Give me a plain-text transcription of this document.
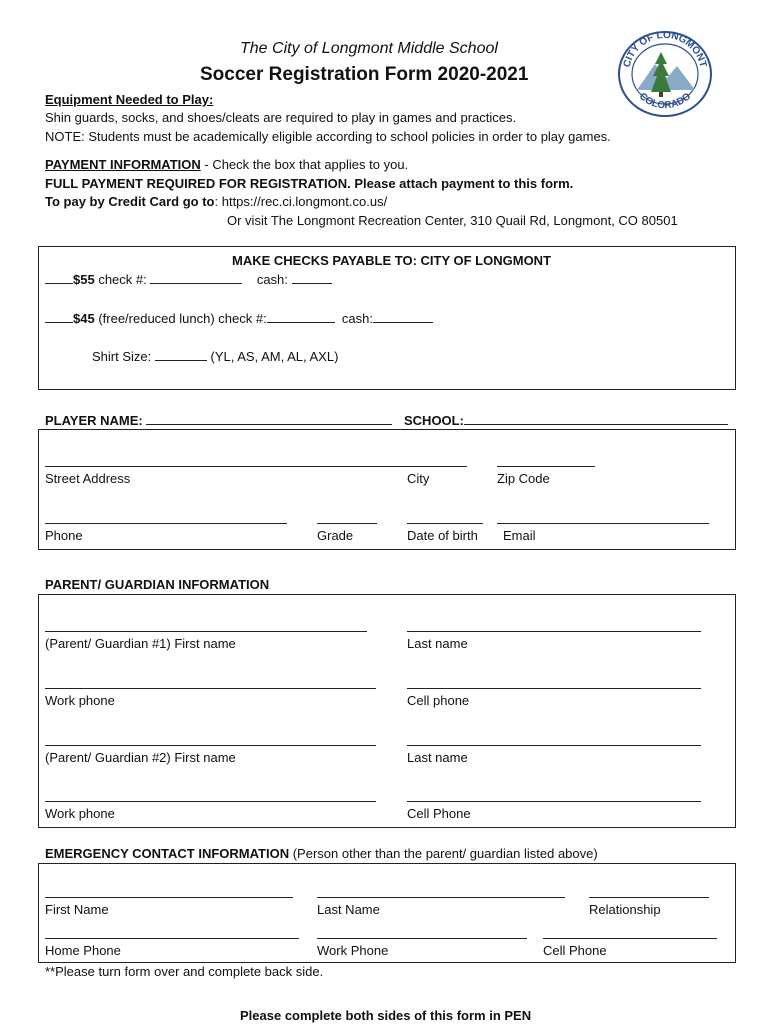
The City of Longmont Middle School
Soccer Registration Form 2020-2021
CITY OF LONGMONT
COLORADO
Equipment Needed to Play:
Shin guards, socks, and shoes/cleats are required to play in games and practices.
NOTE: Students must be academically eligible according to school policies in order to play games.
PAYMENT INFORMATION - Check the box that applies to you.
FULL PAYMENT REQUIRED FOR REGISTRATION. Please attach payment to this form.
To pay by Credit Card go to: https://rec.ci.longmont.co.us/
Or visit The Longmont Recreation Center, 310 Quail Rd, Longmont, CO 80501
MAKE CHECKS PAYABLE TO: CITY OF LONGMONT
$55 check #:	cash:
$45 (free/reduced lunch) check #:	cash:
Shirt Size:	(YL, AS, AM, AL, AXL)
PLAYER NAME:	SCHOOL:
Street Address	City	Zip Code
Phone	Grade	Date of birth Email
PARENT/ GUARDIAN INFORMATION
(Parent/ Guardian #1) First name	Last name
Work phone	Cell phone
(Parent/ Guardian #2) First name	Last name
Work phone	Cell Phone
EMERGENCY CONTACT INFORMATION (Person other than the parent/ guardian listed above)
First Name	Last Name	Relationship
Home Phone	Work Phone	Cell Phone
**Please turn form over and complete back side.
Please complete both sides of this form in PEN
